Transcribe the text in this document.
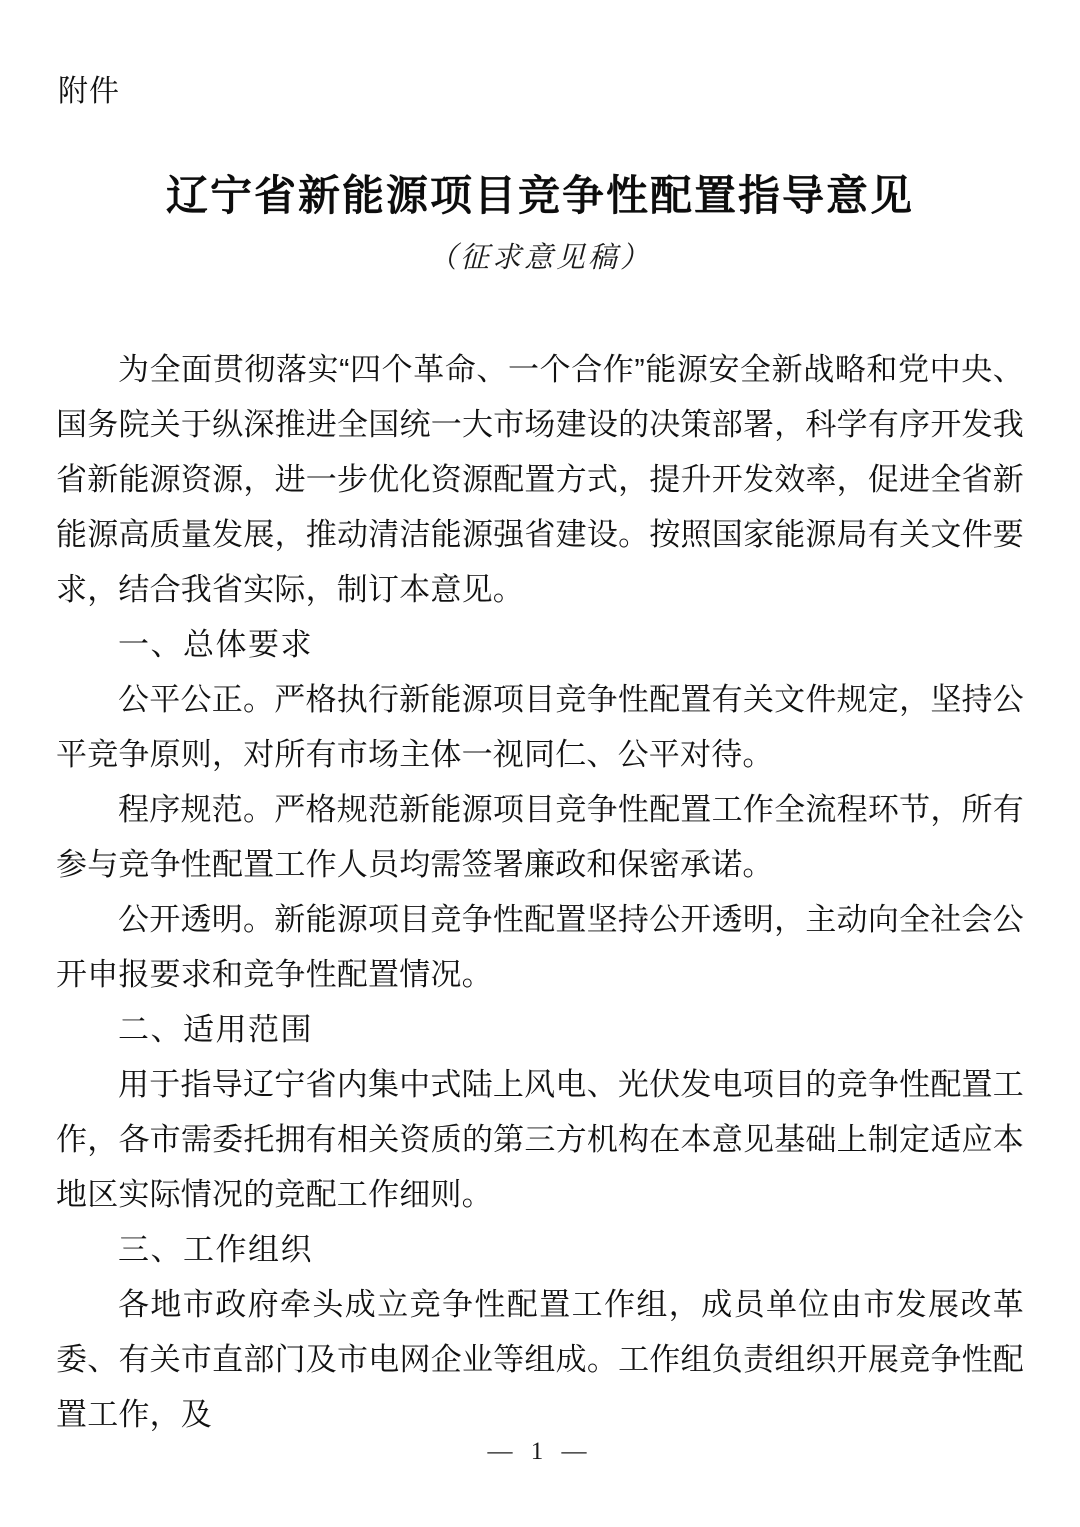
附件
辽宁省新能源项目竞争性配置指导意见
（征求意见稿）

为全面贯彻落实“四个革命、一个合作”能源安全新战略和党中央、国务院关于纵深推进全国统一大市场建设的决策部署，科学有序开发我省新能源资源，进一步优化资源配置方式，提升开发效率，促进全省新能源高质量发展，推动清洁能源强省建设。按照国家能源局有关文件要求，结合我省实际，制订本意见。

一、总体要求

公平公正。严格执行新能源项目竞争性配置有关文件规定，坚持公平竞争原则，对所有市场主体一视同仁、公平对待。

程序规范。严格规范新能源项目竞争性配置工作全流程环节，所有参与竞争性配置工作人员均需签署廉政和保密承诺。

公开透明。新能源项目竞争性配置坚持公开透明，主动向全社会公开申报要求和竞争性配置情况。

二、适用范围

用于指导辽宁省内集中式陆上风电、光伏发电项目的竞争性配置工作，各市需委托拥有相关资质的第三方机构在本意见基础上制定适应本地区实际情况的竞配工作细则。

三、工作组织

各地市政府牵头成立竞争性配置工作组，成员单位由市发展改革委、有关市直部门及市电网企业等组成。工作组负责组织开展竞争性配置工作，及

— 1 —
